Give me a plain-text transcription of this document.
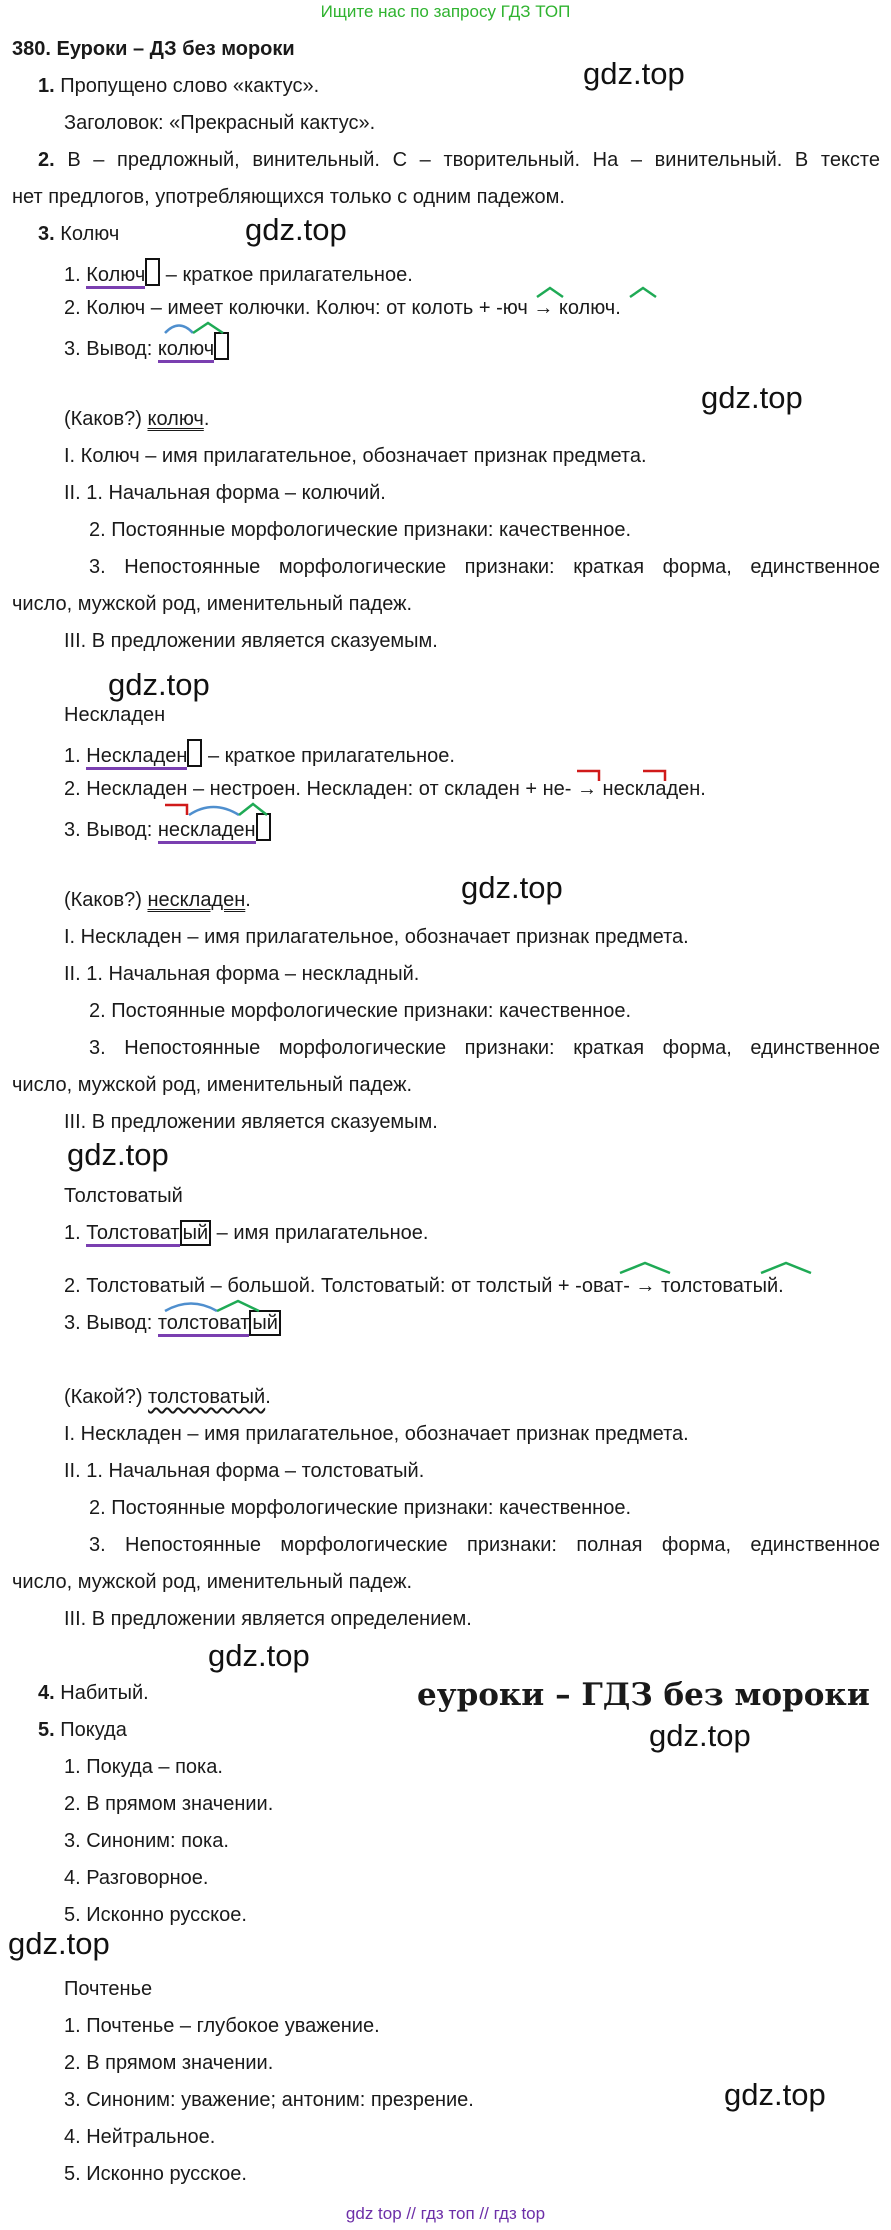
Ищите нас по запросу ГДЗ ТОП
380. Еуроки – ДЗ без мороки
gdz.top
gdz.top
gdz.top
gdz.top
gdz.top
gdz.top
gdz.top
gdz.top
gdz.top
gdz.top
еуроки – ГДЗ без мороки
1. Пропущено слово «кактус».
Заголовок: «Прекрасный кактус».
2. В – предложный, винительный. С – творительный. На – винительный. В тексте
нет предлогов, употребляющихся только с одним падежом.
3. Колюч
1. Колюч – краткое прилагательное.
2. Колюч – имеет колючки. Колюч: от колоть + -юч → колюч.
3. Вывод: колюч
(Каков?) колюч.
I. Колюч – имя прилагательное, обозначает признак предмета.
II. 1. Начальная форма – колючий.
2. Постоянные морфологические признаки: качественное.
3. Непостоянные морфологические признаки: краткая форма, единственное
число, мужской род, именительный падеж.
III. В предложении является сказуемым.
Нескладен
1. Нескладен – краткое прилагательное.
2. Нескладен – нестроен. Нескладен: от складен + не- → нескладен.
3. Вывод: нескладен
(Каков?) нескладен.
I. Нескладен – имя прилагательное, обозначает признак предмета.
II. 1. Начальная форма – нескладный.
2. Постоянные морфологические признаки: качественное.
3. Непостоянные морфологические признаки: краткая форма, единственное
число, мужской род, именительный падеж.
III. В предложении является сказуемым.
Толстоватый
1. Толстоват ый – имя прилагательное.
2. Толстоватый – большой. Толстоватый: от толстый + -оват- → толстоватый.
3. Вывод: толстоват ый
(Какой?) толстоватый.
I. Нескладен – имя прилагательное, обозначает признак предмета.
II. 1. Начальная форма – толстоватый.
2. Постоянные морфологические признаки: качественное.
3. Непостоянные морфологические признаки: полная форма, единственное
число, мужской род, именительный падеж.
III. В предложении является определением.
4. Набитый.
5. Покуда
1. Покуда – пока.
2. В прямом значении.
3. Синоним: пока.
4. Разговорное.
5. Исконно русское.
Почтенье
1. Почтенье – глубокое уважение.
2. В прямом значении.
3. Синоним: уважение; антоним: презрение.
4. Нейтральное.
5. Исконно русское.
gdz top // гдз топ // гдз top
